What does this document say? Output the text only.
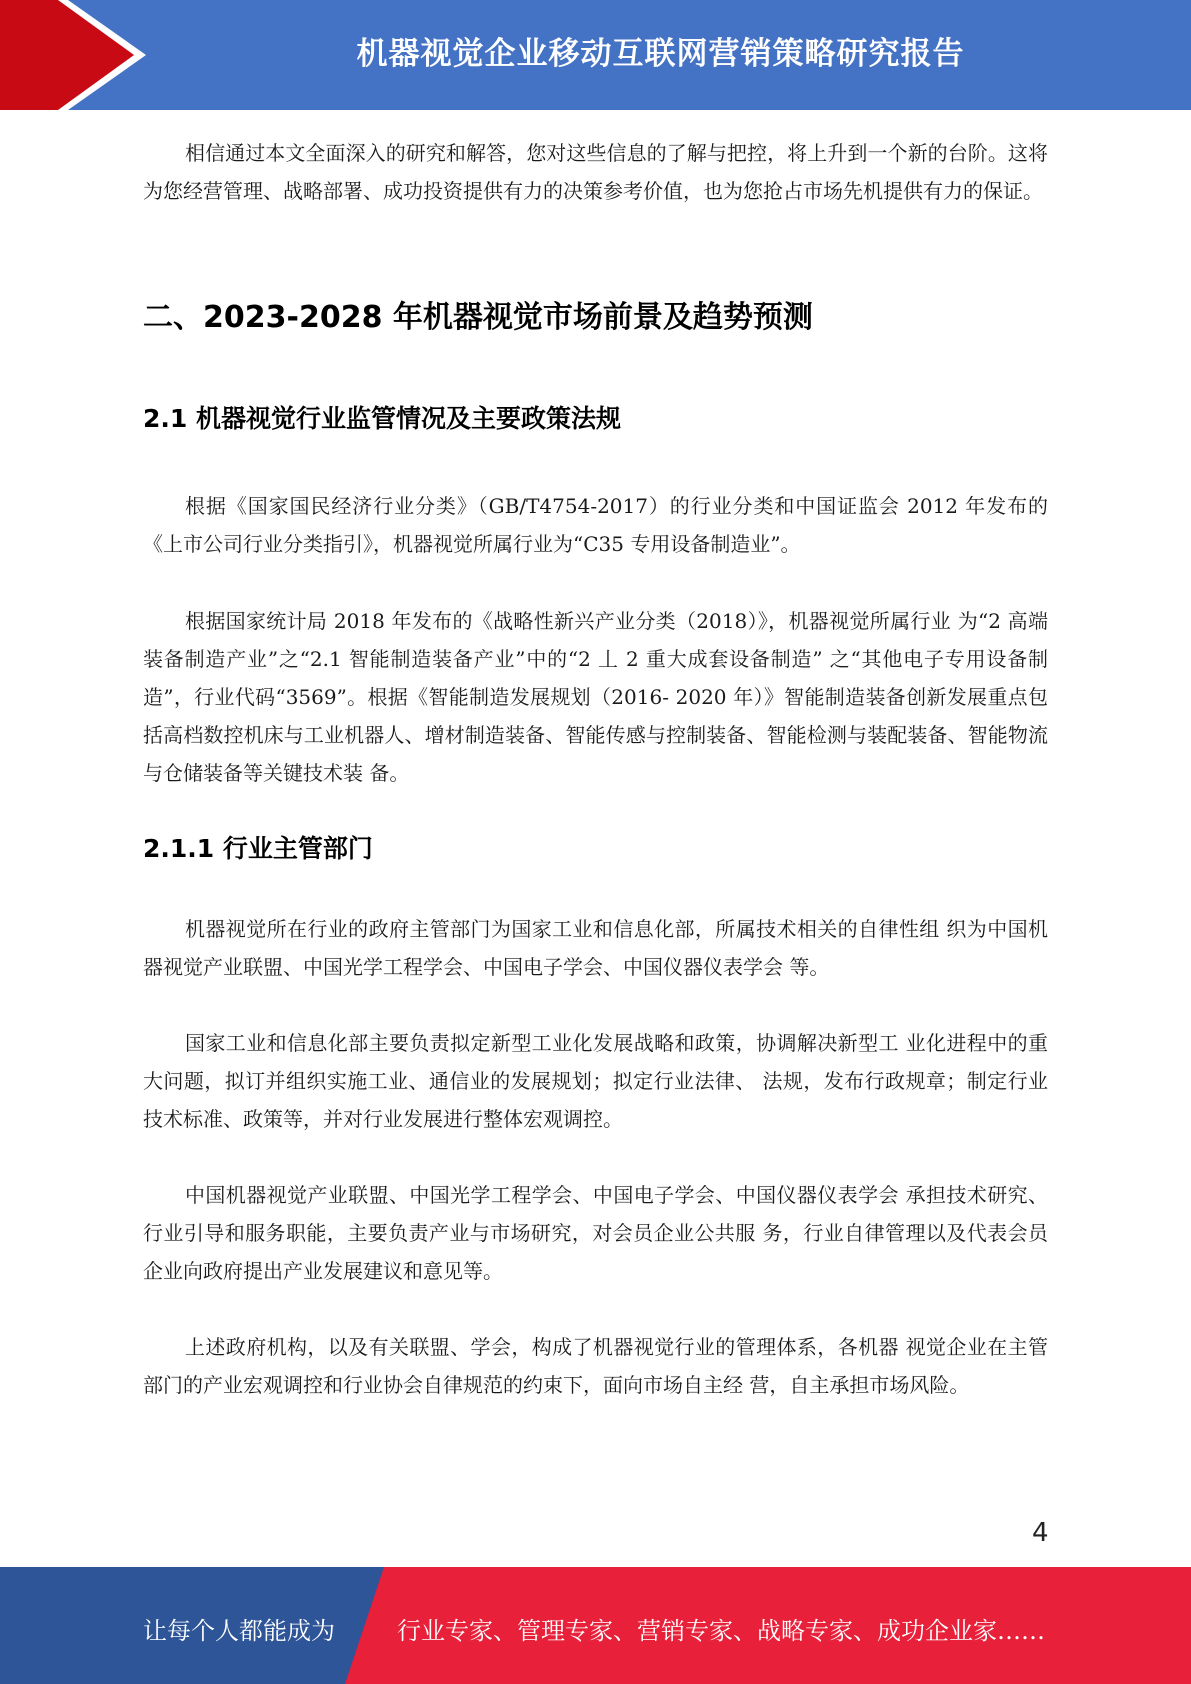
机器视觉企业移动互联网营销策略研究报告

相信通过本文全面深入的研究和解答，您对这些信息的了解与把控，将上升到一个新的台阶。这将为您经营管理、战略部署、成功投资提供有力的决策参考价值，也为您抢占市场先机提供有力的保证。

二、2023-2028 年机器视觉市场前景及趋势预测
2.1 机器视觉行业监管情况及主要政策法规

根据《国家国民经济行业分类》（GB/T4754-2017）的行业分类和中国证监会 2012 年发布的《上市公司行业分类指引》，机器视觉所属行业为“C35 专用设备制造业”。

根据国家统计局 2018 年发布的《战略性新兴产业分类（2018）》，机器视觉所属行业 为“2 高端装备制造产业”之“2.1 智能制造装备产业”中的“2 丄 2 重大成套设备制造” 之“其他电子专用设备制造”，行业代码“3569”。根据《智能制造发展规划（2016- 2020 年）》智能制造装备创新发展重点包括高档数控机床与工业机器人、增材制造装备、智能传感与控制装备、智能检测与装配装备、智能物流与仓储装备等关键技术装 备。

2.1.1 行业主管部门

机器视觉所在行业的政府主管部门为国家工业和信息化部，所属技术相关的自律性组 织为中国机器视觉产业联盟、中国光学工程学会、中国电子学会、中国仪器仪表学会 等。

国家工业和信息化部主要负责拟定新型工业化发展战略和政策，协调解决新型工 业化进程中的重大问题，拟订并组织实施工业、通信业的发展规划；拟定行业法律、 法规，发布行政规章；制定行业技术标准、政策等，并对行业发展进行整体宏观调控。

中国机器视觉产业联盟、中国光学工程学会、中国电子学会、中国仪器仪表学会 承担技术研究、行业引导和服务职能，主要负责产业与市场研究，对会员企业公共服 务，行业自律管理以及代表会员企业向政府提出产业发展建议和意见等。

上述政府机构，以及有关联盟、学会，构成了机器视觉行业的管理体系，各机器 视觉企业在主管部门的产业宏观调控和行业协会自律规范的约束下，面向市场自主经 营，自主承担市场风险。

4
让每个人都能成为	行业专家、管理专家、营销专家、战略专家、成功企业家……
